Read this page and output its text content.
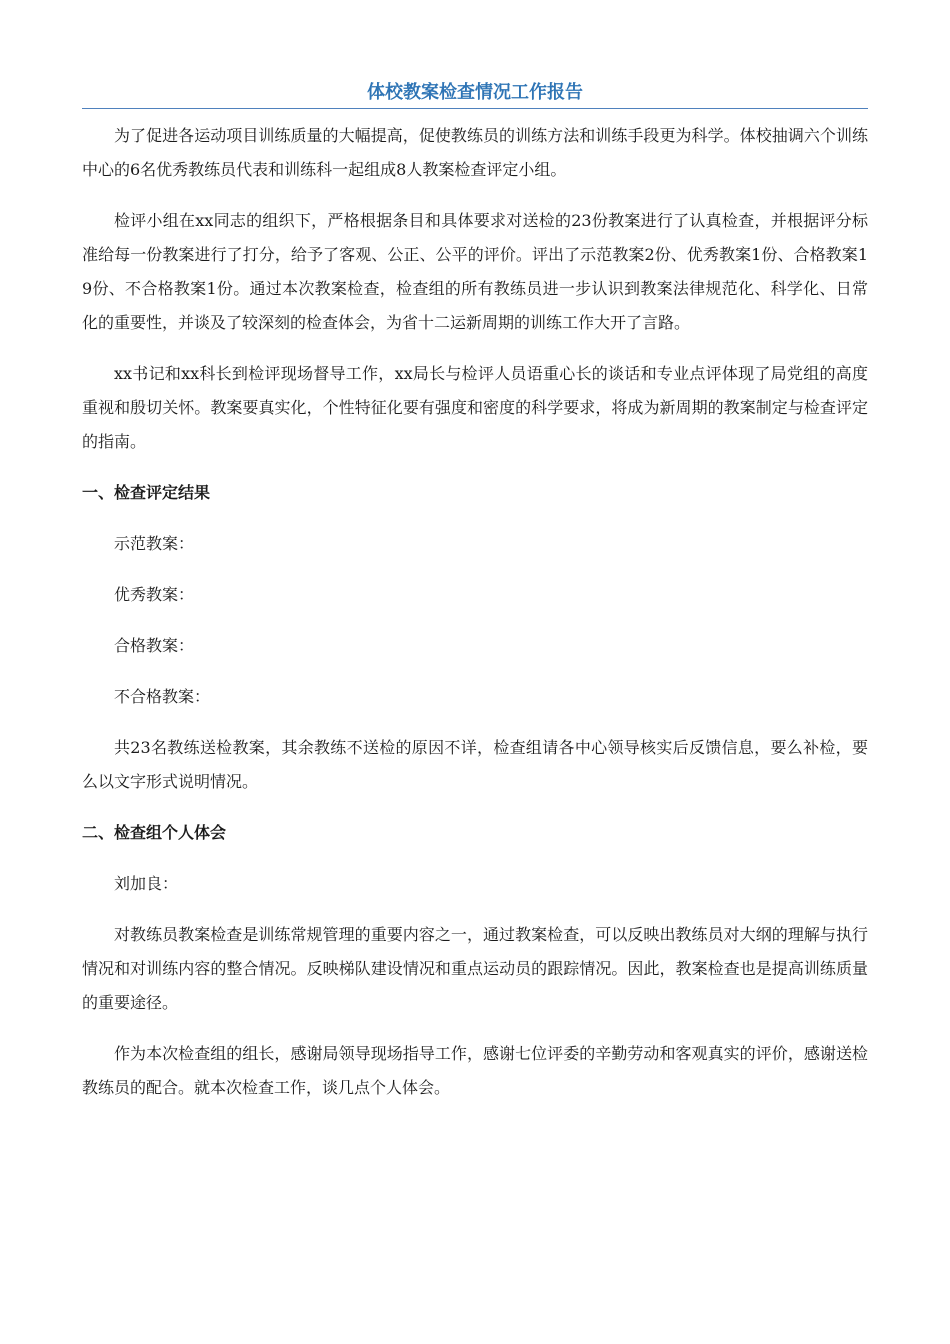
体校教案检查情况工作报告

为了促进各运动项目训练质量的大幅提高，促使教练员的训练方法和训练手段更为科学。体校抽调六个训练中心的6名优秀教练员代表和训练科一起组成8人教案检查评定小组。

检评小组在xx同志的组织下，严格根据条目和具体要求对送检的23份教案进行了认真检查，并根据评分标准给每一份教案进行了打分，给予了客观、公正、公平的评价。评出了示范教案2份、优秀教案1份、合格教案19份、不合格教案1份。通过本次教案检查，检查组的所有教练员进一步认识到教案法律规范化、科学化、日常化的重要性，并谈及了较深刻的检查体会，为省十二运新周期的训练工作大开了言路。

xx书记和xx科长到检评现场督导工作，xx局长与检评人员语重心长的谈话和专业点评体现了局党组的高度重视和殷切关怀。教案要真实化，个性特征化要有强度和密度的科学要求，将成为新周期的教案制定与检查评定的指南。

一、检查评定结果

示范教案：

优秀教案：

合格教案：

不合格教案：

共23名教练送检教案，其余教练不送检的原因不详，检查组请各中心领导核实后反馈信息，要么补检，要么以文字形式说明情况。

二、检查组个人体会

刘加良：

对教练员教案检查是训练常规管理的重要内容之一，通过教案检查，可以反映出教练员对大纲的理解与执行情况和对训练内容的整合情况。反映梯队建设情况和重点运动员的跟踪情况。因此，教案检查也是提高训练质量的重要途径。

作为本次检查组的组长，感谢局领导现场指导工作，感谢七位评委的辛勤劳动和客观真实的评价，感谢送检教练员的配合。就本次检查工作，谈几点个人体会。
